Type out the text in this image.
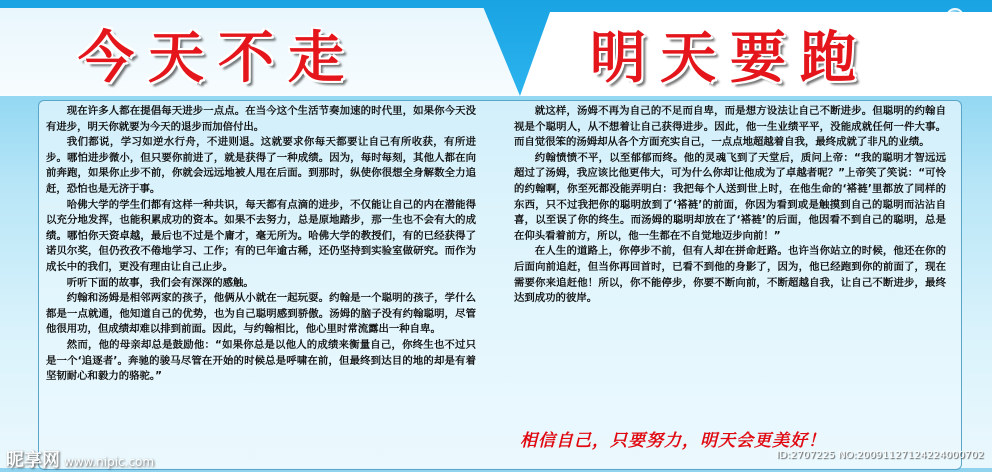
今天不走	明天要跑

现在许多人都在提倡每天进步一点点。在当今这个生活节奏加速的时代里，如果你今天没有进步，明天你就要为今天的退步而加倍付出。

我们都说，学习如逆水行舟，不进则退。这就要求你每天都要让自己有所收获，有所进步。哪怕进步微小，但只要你前进了，就是获得了一种成绩。因为，每时每刻，其他人都在向前奔跑，如果你止步不前，你就会远远地被人甩在后面。到那时，纵使你很想全身解数全力追赶，恐怕也是无济于事。

哈佛大学的学生们都有这样一种共识，每天都有点滴的进步，不仅能让自己的内在潜能得以充分地发挥，也能积累成功的资本。如果不去努力，总是原地踏步，那一生也不会有大的成绩。哪怕你天资卓越，最后也不过是个庸才，毫无所为。哈佛大学的教授们，有的已经获得了诺贝尔奖，但仍孜孜不倦地学习、工作；有的已年逾古稀，还仍坚持到实验室做研究。而作为成长中的我们，更没有理由让自己止步。

听听下面的故事，我们会有深深的感触。

约翰和汤姆是相邻两家的孩子，他俩从小就在一起玩耍。约翰是一个聪明的孩子，学什么都是一点就通，他知道自己的优势，也为自己聪明感到骄傲。汤姆的脑子没有约翰聪明，尽管他很用功，但成绩却难以排到前面。因此，与约翰相比，他心里时常流露出一种自卑。

然而，他的母亲却总是鼓励他：“如果你总是以他人的成绩来衡量自己，你终生也不过只是一个‘追逐者’。奔驰的骏马尽管在开始的时候总是呼啸在前，但最终到达目的地的却是有着坚韧耐心和毅力的骆驼。”

就这样，汤姆不再为自己的不足而自卑，而是想方设法让自己不断进步。但聪明的约翰自视是个聪明人，从不想着让自己获得进步。因此，他一生业绩平平，没能成就任何一件大事。而自觉很笨的汤姆却从各个方面充实自己，一点点地超越着自我，最终成就了非凡的业绩。

约翰愤愤不平，以至郁郁而终。他的灵魂飞到了天堂后，质问上帝：“我的聪明才智远远超过了汤姆，我应该比他更伟大，可为什么你却让他成为了卓越者呢？”上帝笑了笑说：“可怜的约翰啊，你至死都没能弄明白：我把每个人送到世上时，在他生命的‘褡裢’里都放了同样的东西，只不过我把你的聪明放到了‘褡裢’的前面，你因为看到或是触摸到自己的聪明而沾沾自喜，以至误了你的终生。而汤姆的聪明却放在了‘褡裢’的后面，他因看不到自己的聪明，总是在仰头看着前方，所以，他一生都在不自觉地迈步向前！”

在人生的道路上，你停步不前，但有人却在拼命赶路。也许当你站立的时候，他还在你的后面向前追赶，但当你再回首时，已看不到他的身影了，因为，他已经跑到你的前面了，现在需要你来追赶他！所以，你不能停步，你要不断向前，不断超越自我，让自己不断进步，最终达到成功的彼岸。

相信自己，只要努力，明天会更美好！
昵享网 www.nipic.com	ID:2707225 NO:20091127124224000702
